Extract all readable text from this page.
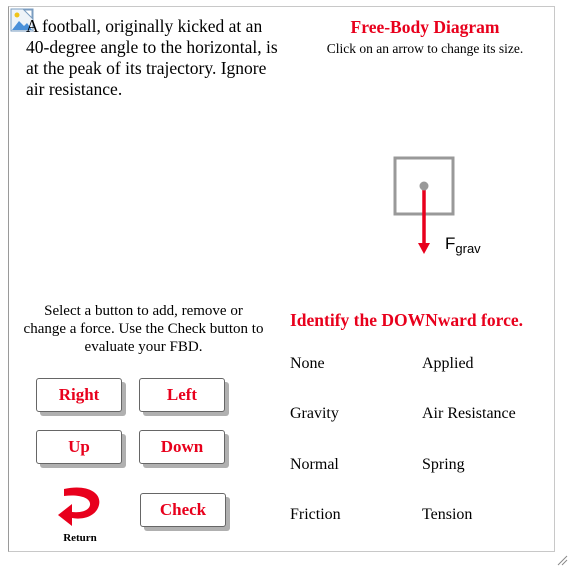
A football, originally kicked at an 40-degree angle to the horizontal, is at the peak of its trajectory. Ignore air resistance.
Free-Body Diagram
Click on an arrow to change its size.
$F_{grav}$
Select a button to add, remove or change a force. Use the Check button to evaluate your FBD.
Right	Left
Up	Down
Check
Return
Identify the DOWNward force.
None	Applied
Gravity	Air Resistance
Normal	Spring
Friction	Tension
